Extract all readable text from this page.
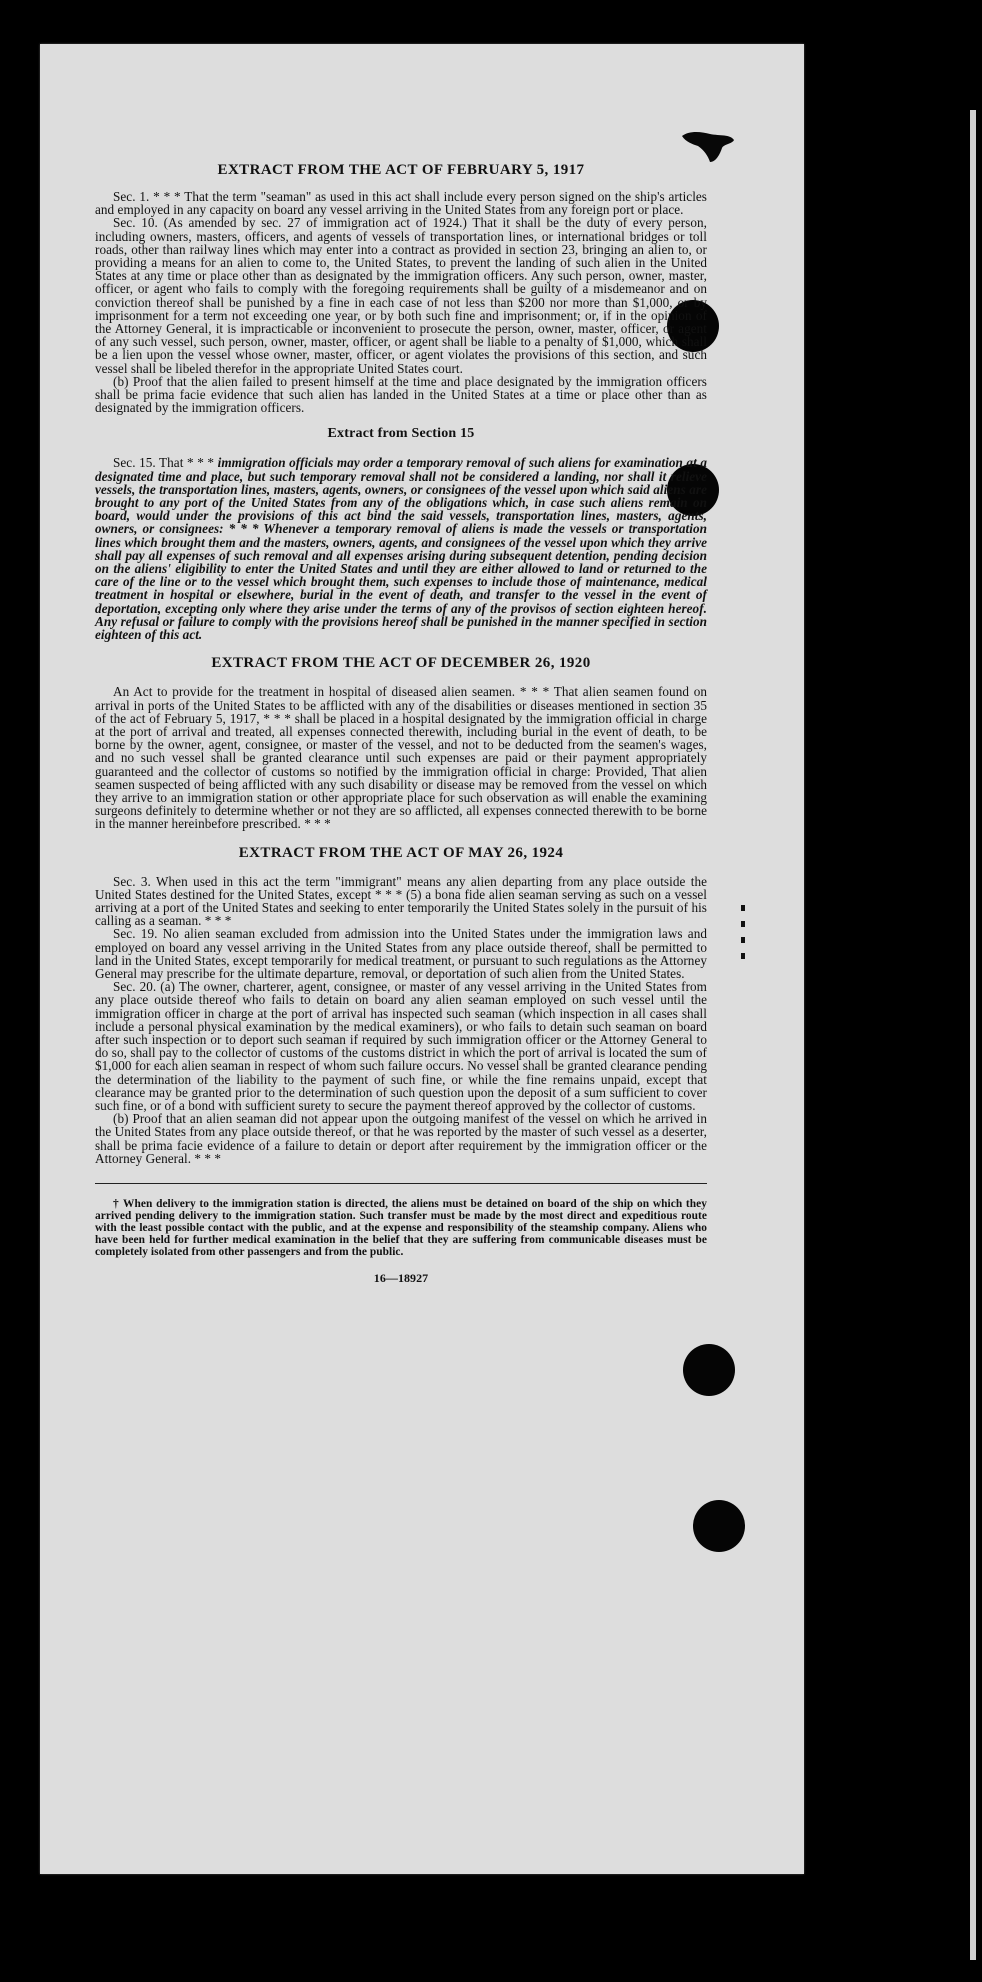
EXTRACT FROM THE ACT OF FEBRUARY 5, 1917

Sec. 1. * * * That the term "seaman" as used in this act shall include every person signed on the ship's articles and employed in any capacity on board any vessel arriving in the United States from any foreign port or place.

Sec. 10. (As amended by sec. 27 of immigration act of 1924.) That it shall be the duty of every person, including owners, masters, officers, and agents of vessels of transportation lines, or international bridges or toll roads, other than railway lines which may enter into a contract as provided in section 23, bringing an alien to, or providing a means for an alien to come to, the United States, to prevent the landing of such alien in the United States at any time or place other than as designated by the immigration officers. Any such person, owner, master, officer, or agent who fails to comply with the foregoing requirements shall be guilty of a misdemeanor and on conviction thereof shall be punished by a fine in each case of not less than $200 nor more than $1,000, or by imprisonment for a term not exceeding one year, or by both such fine and imprisonment; or, if in the opinion of the Attorney General, it is impracticable or inconvenient to prosecute the person, owner, master, officer, or agent of any such vessel, such person, owner, master, officer, or agent shall be liable to a penalty of $1,000, which shall be a lien upon the vessel whose owner, master, officer, or agent violates the provisions of this section, and such vessel shall be libeled therefor in the appropriate United States court.

(b) Proof that the alien failed to present himself at the time and place designated by the immigration officers shall be prima facie evidence that such alien has landed in the United States at a time or place other than as designated by the immigration officers.

Extract from Section 15

Sec. 15. That * * * immigration officials may order a temporary removal of such aliens for examination at a designated time and place, but such temporary removal shall not be considered a landing, nor shall it relieve vessels, the transportation lines, masters, agents, owners, or consignees of the vessel upon which said aliens are brought to any port of the United States from any of the obligations which, in case such aliens remain on board, would under the provisions of this act bind the said vessels, transportation lines, masters, agents, owners, or consignees: * * * Whenever a temporary removal of aliens is made the vessels or transportation lines which brought them and the masters, owners, agents, and consignees of the vessel upon which they arrive shall pay all expenses of such removal and all expenses arising during subsequent detention, pending decision on the aliens' eligibility to enter the United States and until they are either allowed to land or returned to the care of the line or to the vessel which brought them, such expenses to include those of maintenance, medical treatment in hospital or elsewhere, burial in the event of death, and transfer to the vessel in the event of deportation, excepting only where they arise under the terms of any of the provisos of section eighteen hereof. Any refusal or failure to comply with the provisions hereof shall be punished in the manner specified in section eighteen of this act.

EXTRACT FROM THE ACT OF DECEMBER 26, 1920

An Act to provide for the treatment in hospital of diseased alien seamen. * * * That alien seamen found on arrival in ports of the United States to be afflicted with any of the disabilities or diseases mentioned in section 35 of the act of February 5, 1917, * * * shall be placed in a hospital designated by the immigration official in charge at the port of arrival and treated, all expenses connected therewith, including burial in the event of death, to be borne by the owner, agent, consignee, or master of the vessel, and not to be deducted from the seamen's wages, and no such vessel shall be granted clearance until such expenses are paid or their payment appropriately guaranteed and the collector of customs so notified by the immigration official in charge: Provided, That alien seamen suspected of being afflicted with any such disability or disease may be removed from the vessel on which they arrive to an immigration station or other appropriate place for such observation as will enable the examining surgeons definitely to determine whether or not they are so afflicted, all expenses connected therewith to be borne in the manner hereinbefore prescribed. * * *

EXTRACT FROM THE ACT OF MAY 26, 1924

Sec. 3. When used in this act the term "immigrant" means any alien departing from any place outside the United States destined for the United States, except * * * (5) a bona fide alien seaman serving as such on a vessel arriving at a port of the United States and seeking to enter temporarily the United States solely in the pursuit of his calling as a seaman. * * *

Sec. 19. No alien seaman excluded from admission into the United States under the immigration laws and employed on board any vessel arriving in the United States from any place outside thereof, shall be permitted to land in the United States, except temporarily for medical treatment, or pursuant to such regulations as the Attorney General may prescribe for the ultimate departure, removal, or deportation of such alien from the United States.

Sec. 20. (a) The owner, charterer, agent, consignee, or master of any vessel arriving in the United States from any place outside thereof who fails to detain on board any alien seaman employed on such vessel until the immigration officer in charge at the port of arrival has inspected such seaman (which inspection in all cases shall include a personal physical examination by the medical examiners), or who fails to detain such seaman on board after such inspection or to deport such seaman if required by such immigration officer or the Attorney General to do so, shall pay to the collector of customs of the customs district in which the port of arrival is located the sum of $1,000 for each alien seaman in respect of whom such failure occurs. No vessel shall be granted clearance pending the determination of the liability to the payment of such fine, or while the fine remains unpaid, except that clearance may be granted prior to the determination of such question upon the deposit of a sum sufficient to cover such fine, or of a bond with sufficient surety to secure the payment thereof approved by the collector of customs.

(b) Proof that an alien seaman did not appear upon the outgoing manifest of the vessel on which he arrived in the United States from any place outside thereof, or that he was reported by the master of such vessel as a deserter, shall be prima facie evidence of a failure to detain or deport after requirement by the immigration officer or the Attorney General. * * *

† When delivery to the immigration station is directed, the aliens must be detained on board of the ship on which they arrived pending delivery to the immigration station. Such transfer must be made by the most direct and expeditious route with the least possible contact with the public, and at the expense and responsibility of the steamship company. Aliens who have been held for further medical examination in the belief that they are suffering from communicable diseases must be completely isolated from other passengers and from the public.

16—18927
